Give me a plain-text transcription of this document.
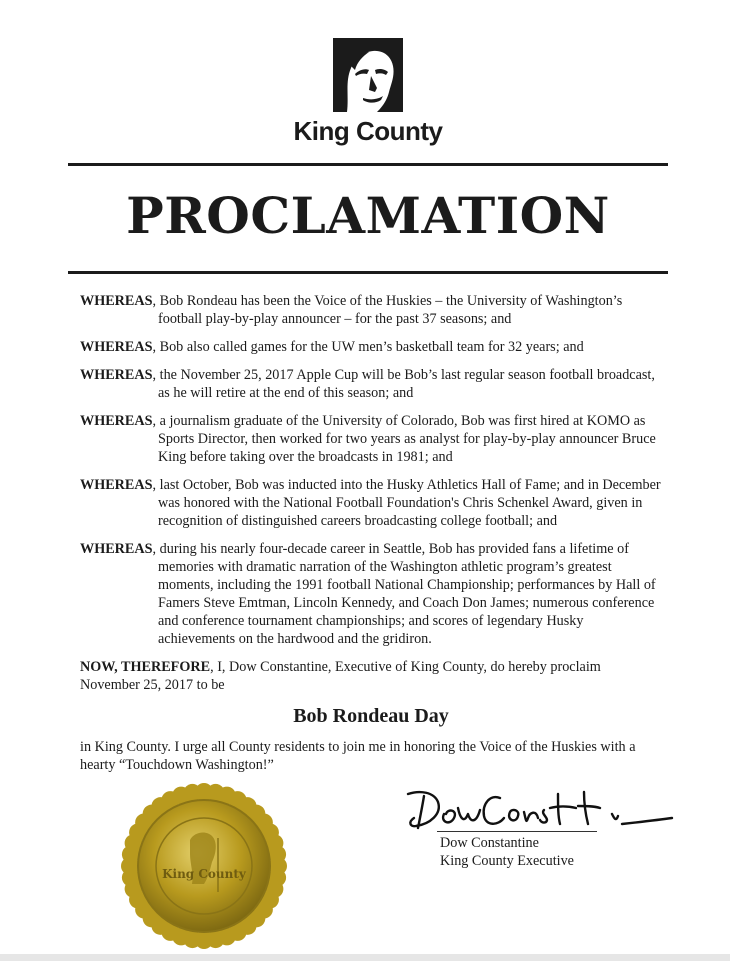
King County
PROCLAMATION

WHEREAS, Bob Rondeau has been the Voice of the Huskies – the University of Washington’s football play-by-play announcer – for the past 37 seasons; and

WHEREAS, Bob also called games for the UW men’s basketball team for 32 years; and

WHEREAS, the November 25, 2017 Apple Cup will be Bob’s last regular season football broadcast, as he will retire at the end of this season; and

WHEREAS, a journalism graduate of the University of Colorado, Bob was first hired at KOMO as Sports Director, then worked for two years as analyst for play-by-play announcer Bruce King before taking over the broadcasts in 1981; and

WHEREAS, last October, Bob was inducted into the Husky Athletics Hall of Fame; and in December was honored with the National Football Foundation's Chris Schenkel Award, given in recognition of distinguished careers broadcasting college football; and

WHEREAS, during his nearly four-decade career in Seattle, Bob has provided fans a lifetime of memories with dramatic narration of the Washington athletic program’s greatest moments, including the 1991 football National Championship; performances by Hall of Famers Steve Emtman, Lincoln Kennedy, and Coach Don James; numerous conference and conference tournament championships; and scores of legendary Husky achievements on the hardwood and the gridiron.

NOW, THEREFORE, I, Dow Constantine, Executive of King County, do hereby proclaim November 25, 2017 to be

Bob Rondeau Day
in King County. I urge all County residents to join me in honoring the Voice of the Huskies with a hearty “Touchdown Washington!”
King County
Dow Constantine
King County Executive
